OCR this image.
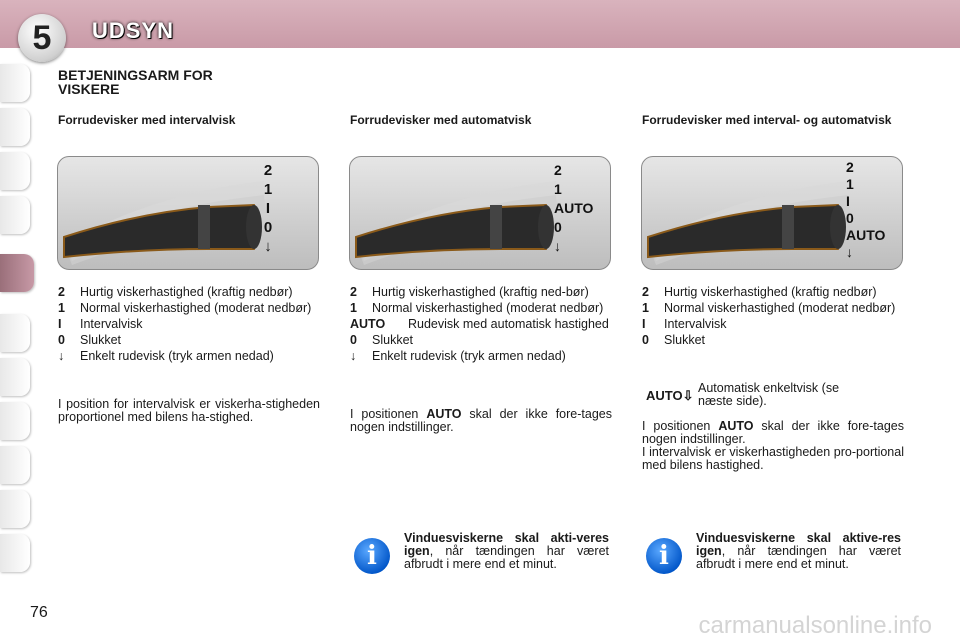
5	UDSYN
BETJENINGSARM FOR VISKERE
Forrudevisker med intervalvisk
2
1
I
0
↓
2	Hurtig viskerhastighed (kraftig nedbør)
1	Normal viskerhastighed (moderat nedbør)
I	Intervalvisk
0	Slukket
↓	Enkelt rudevisk (tryk armen nedad)
I position for intervalvisk er viskerha-stigheden proportionel med bilens ha-stighed.
Forrudevisker med automatvisk
2
1
AUTO
0
↓
2	Hurtig viskerhastighed (kraftig ned-bør)
1	Normal viskerhastighed (moderat nedbør)
AUTO	Rudevisk med automatisk hastighed
0	Slukket
↓	Enkelt rudevisk (tryk armen nedad)
I positionen AUTO skal der ikke fore-tages nogen indstillinger.
i
Vinduesviskerne skal akti-veres igen, når tændingen har været afbrudt i mere end et minut.
Forrudevisker med interval- og automatvisk
2
1
I
0
AUTO
↓
2	Hurtig viskerhastighed (kraftig nedbør)
1	Normal viskerhastighed (moderat nedbør)
I	Intervalvisk
0	Slukket
AUTO⇩ Automatisk enkeltvisk (se næste side).
I positionen AUTO skal der ikke fore-tages nogen indstillinger.
I intervalvisk er viskerhastigheden pro-portional med bilens hastighed.
i
Vinduesviskerne skal aktive-res igen, når tændingen har været afbrudt i mere end et minut.
76	carmanualsonline.info
